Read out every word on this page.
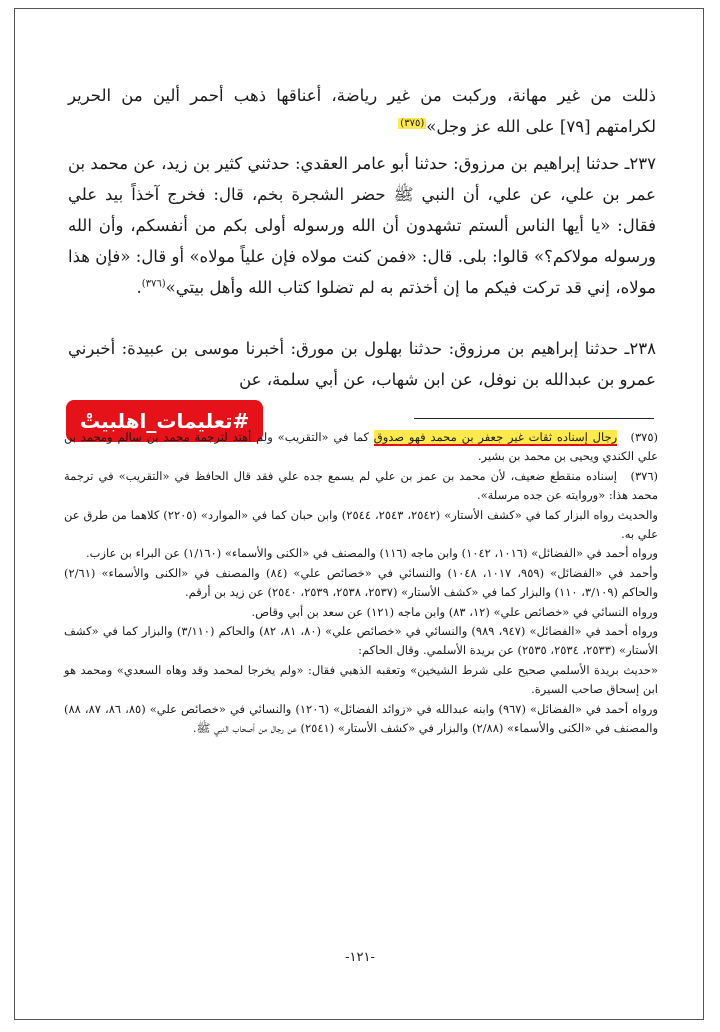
ذللت من غير مهانة، وركبت من غير رياضة، أعناقها ذهب أحمر ألين من الحرير لكرامتهم [٧٩] على الله عز وجل»$^{(٣٧٥)}$
٢٣٧ـ حدثنا إبراهيم بن مرزوق: حدثنا أبو عامر العقدي: حدثني كثير بن زيد، عن محمد بن عمر بن علي، عن علي، أن النبي ﷺ حضر الشجرة بخم، قال: فخرج آخذاً بيد علي فقال: «يا أيها الناس ألستم تشهدون أن الله ورسوله أولى بكم من أنفسكم، وأن الله ورسوله مولاكم؟» قالوا: بلى. قال: «فمن كنت مولاه فإن علياً مولاه» أو قال: «فإن هذا مولاه، إني قد تركت فيكم ما إن أخذتم به لم تضلوا كتاب الله وأهل بيتي»$^{(٣٧٦)}$.
٢٣٨ـ حدثنا إبراهيم بن مرزوق: حدثنا بهلول بن مورق: أخبرنا موسى بن عبيدة: أخبرني عمرو بن عبدالله بن نوفل، عن ابن شهاب، عن أبي سلمة، عن
#تعليمات_اهلبيتْ

(٣٧٥) رجال إسناده ثقات غير جعفر بن محمد فهو صدوق كما في «التقريب» ولم أهتد لترجمة محمد بن سالم ومحمد بن علي الكندي ويحيى بن محمد بن بشير.

(٣٧٦) إسناده منقطع ضعيف، لأن محمد بن عمر بن علي لم يسمع جده علي فقد قال الحافظ في «التقريب» في ترجمة محمد هذا: «وروايته عن جده مرسلة».

والحديث رواه البزار كما في «كشف الأستار» (٢٥٤٢، ٢٥٤٣، ٢٥٤٤) وابن حبان كما في «الموارد» (٢٢٠٥) كلاهما من طرق عن علي به.

ورواه أحمد في «الفضائل» (١٠١٦، ١٠٤٢) وابن ماجه (١١٦) والمصنف في «الكنى والأسماء» (١/١٦٠) عن البراء بن عازب.

وأحمد في «الفضائل» (٩٥٩، ١٠١٧، ١٠٤٨) والنسائي في «خصائص علي» (٨٤) والمصنف في «الكنى والأسماء» (٢/٦١) والحاكم (٣/١٠٩، ١١٠) والبزار كما في «كشف الأستار» (٢٥٣٧، ٢٥٣٨، ٢٥٣٩، ٢٥٤٠) عن زيد بن أرقم.

ورواه النسائي في «خصائص علي» (١٢، ٨٣) وابن ماجه (١٢١) عن سعد بن أبي وقاص.

ورواه أحمد في «الفضائل» (٩٤٧، ٩٨٩) والنسائي في «خصائص علي» (٨٠، ٨١، ٨٢) والحاكم (٣/١١٠) والبزار كما في «كشف الأستار» (٢٥٣٣، ٢٥٣٤، ٢٥٣٥) عن بريدة الأسلمي. وقال الحاكم:

«حديث بريدة الأسلمي صحيح على شرط الشيخين» وتعقبه الذهبي فقال: «ولم يخرجا لمحمد وقد وهاه السعدي» ومحمد هو ابن إسحاق صاحب السيرة.

ورواه أحمد في «الفضائل» (٩٦٧) وابنه عبدالله في «زوائد الفضائل» (١٢٠٦) والنسائي في «خصائص علي» (٨٥، ٨٦، ٨٧، ٨٨) والمصنف في «الكنى والأسماء» (٢/٨٨) والبزار في «كشف الأستار» (٢٥٤١) عن رجال من أصحاب النبي ﷺ.

-١٢١-
